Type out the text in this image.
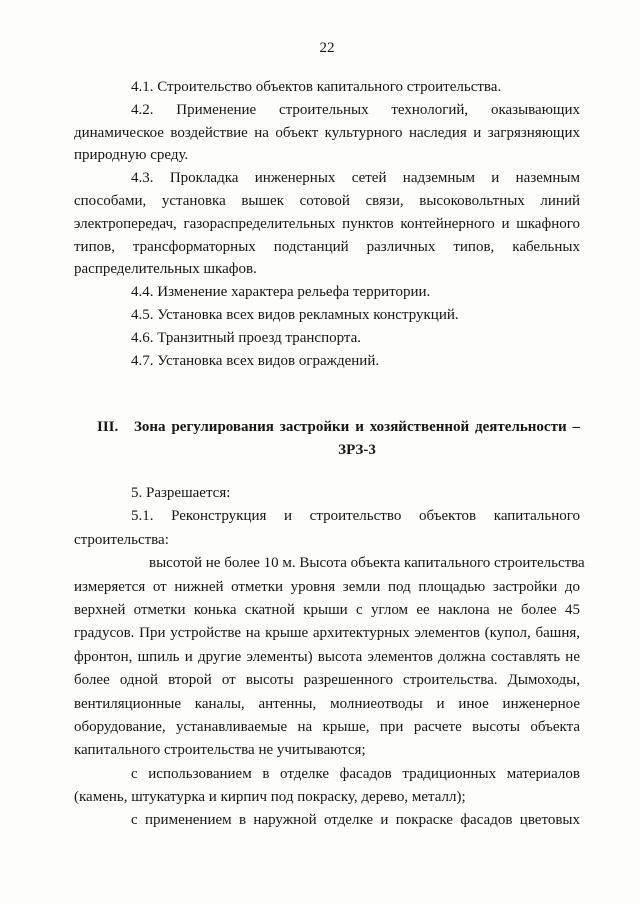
22
4.1. Строительство объектов капитального строительства.
4.2. Применение строительных технологий, оказывающих
динамическое воздействие на объект культурного наследия и загрязняющих
природную среду.
4.3. Прокладка инженерных сетей надземным и наземным
способами, установка вышек сотовой связи, высоковольтных линий
электропередач, газораспределительных пунктов контейнерного и шкафного
типов, трансформаторных подстанций различных типов, кабельных
распределительных шкафов.
4.4. Изменение характера рельефа территории.
4.5. Установка всех видов рекламных конструкций.
4.6. Транзитный проезд транспорта.
4.7. Установка всех видов ограждений.
III. Зона регулирования застройки и хозяйственной деятельности –
ЗРЗ-3
5. Разрешается:
5.1. Реконструкция и строительство объектов капитального
строительства:
высотой не более 10 м. Высота объекта капитального строительства
измеряется от нижней отметки уровня земли под площадью застройки до
верхней отметки конька скатной крыши с углом ее наклона не более 45
градусов. При устройстве на крыше архитектурных элементов (купол, башня,
фронтон, шпиль и другие элементы) высота элементов должна составлять не
более одной второй от высоты разрешенного строительства. Дымоходы,
вентиляционные каналы, антенны, молниеотводы и иное инженерное
оборудование, устанавливаемые на крыше, при расчете высоты объекта
капитального строительства не учитываются;
с использованием в отделке фасадов традиционных материалов
(камень, штукатурка и кирпич под покраску, дерево, металл);
с применением в наружной отделке и покраске фасадов цветовых
